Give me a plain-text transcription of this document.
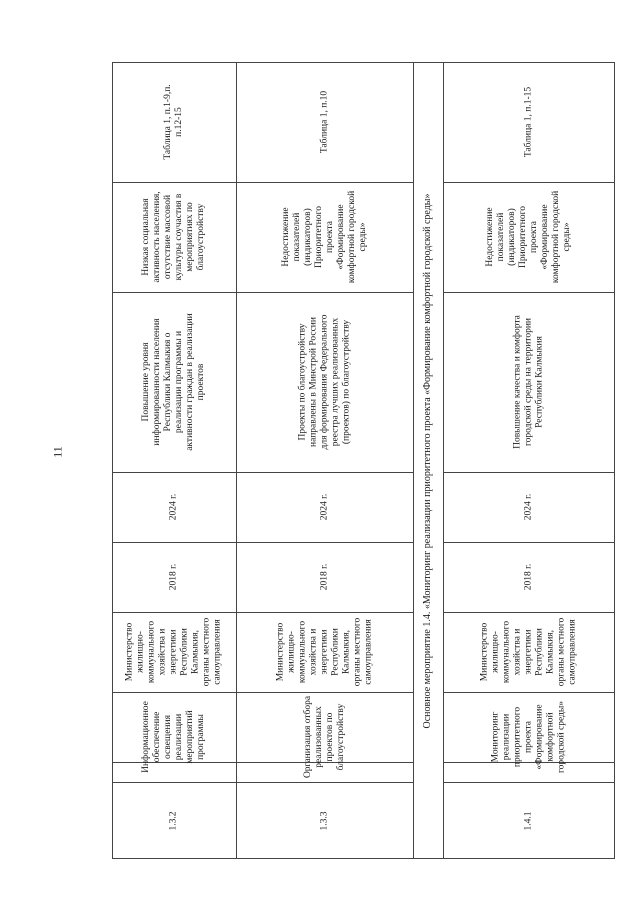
11
Таблица 1, п.1-9,п.
п.12-15
Низкая социальная
активность населения,
отсутствие массовой
культуры соучастия в
мероприятиях по
благоустройству
Повышение уровня
информированности населения
Республики Калмыкия о
реализации программы и
активности граждан в реализации
проектов
2024 г.
2018 г.
Министерство
жилищно-
коммунального
хозяйства и
энергетики
Республики
Калмыкия,
органы местного
самоуправления
Информационное
обеспечение
освещения
реализации
мероприятий
программы
1.3.2
Таблица 1, п.10
Недостижение
показателей
(индикаторов)
Приоритетного
проекта
«Формирование
комфортной городской
среды»
Проекты по благоустройству
направлены в Минстрой России
для формирования Федерального
реестра лучших реализованных
(проектов) по благоустройству
2024 г.
2018 г.
Министерство
жилищно-
коммунального
хозяйства и
энергетики
Республики
Калмыкия,
органы местного
самоуправления
Организация отбора
реализованных
проектов по
благоустройству
1.3.3
Таблица 1, п.1-15
Недостижение
показателей
(индикаторов)
Приоритетного
проекта
«Формирование
комфортной городской
среды»
Повышение качества и комфорта
городской среды на территории
Республики Калмыкия
2024 г.
2018 г.
Министерство
жилищно-
коммунального
хозяйства и
энергетики
Республики
Калмыкия,
органы местного
самоуправления
Мониторинг
реализации
приоритетного
проекта
«Формирование
комфортной
городской среды»
1.4.1
Основное мероприятие 1.4. «Мониторинг реализации приоритетного проекта «Формирование комфортной городской среды»
